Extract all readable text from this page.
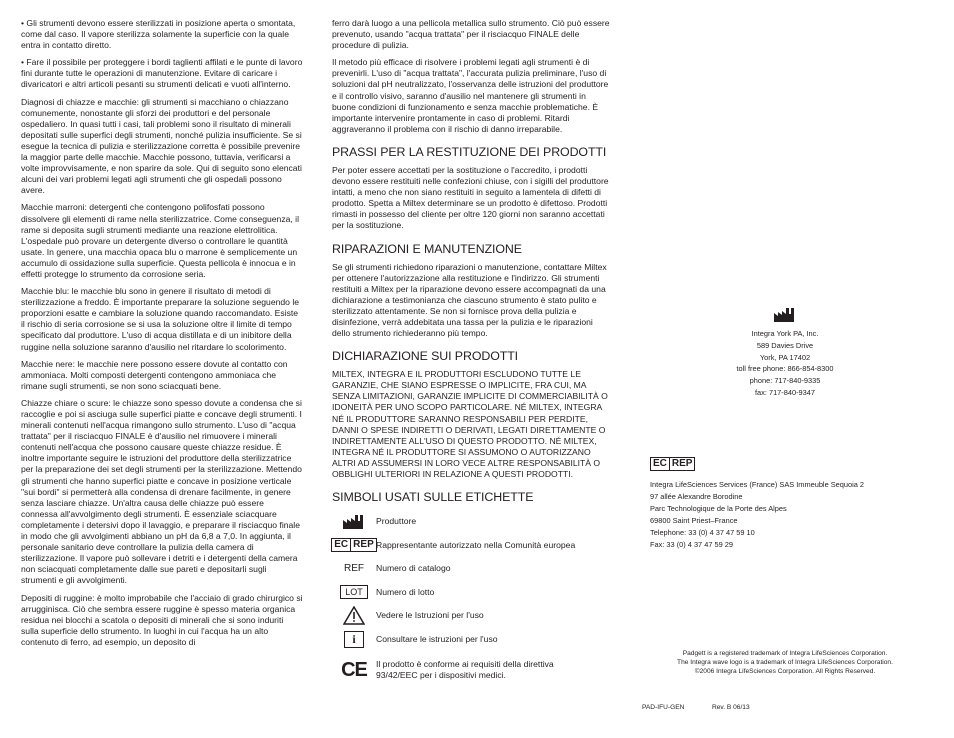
• Gli strumenti devono essere sterilizzati in posizione aperta o smontata, come dal caso. Il vapore sterilizza solamente la superficie con la quale entra in contatto diretto.

• Fare il possibile per proteggere i bordi taglienti affilati e le punte di lavoro fini durante tutte le operazioni di manutenzione. Evitare di caricare i divaricatori e altri articoli pesanti su strumenti delicati e vuoti all'interno.

Diagnosi di chiazze e macchie: gli strumenti si macchiano o chiazzano comunemente, nonostante gli sforzi dei produttori e del personale ospedaliero. In quasi tutti i casi, tali problemi sono il risultato di minerali depositati sulle superfici degli strumenti, nonché pulizia insufficiente. Se si esegue la tecnica di pulizia e sterilizzazione corretta è possibile prevenire la maggior parte delle macchie. Macchie possono, tuttavia, verificarsi a volte improvvisamente, e non sparire da sole. Qui di seguito sono elencati alcuni dei vari problemi legati agli strumenti che gli ospedali possono avere.

Macchie marroni: detergenti che contengono polifosfati possono dissolvere gli elementi di rame nella sterilizzatrice. Come conseguenza, il rame si deposita sugli strumenti mediante una reazione elettrolitica. L'ospedale può provare un detergente diverso o controllare le quantità usate. In genere, una macchia opaca blu o marrone è semplicemente un accumulo di ossidazione sulla superficie. Questa pellicola è innocua e in effetti protegge lo strumento da corrosione seria.

Macchie blu: le macchie blu sono in genere il risultato di metodi di sterilizzazione a freddo. È importante preparare la soluzione seguendo le proporzioni esatte e cambiare la soluzione quando raccomandato. Esiste il rischio di seria corrosione se si usa la soluzione oltre il limite di tempo specificato dal produttore. L'uso di acqua distillata e di un inibitore della ruggine nella soluzione saranno d'ausilio nel ritardare lo scolorimento.

Macchie nere: le macchie nere possono essere dovute al contatto con ammoniaca. Molti composti detergenti contengono ammoniaca che rimane sugli strumenti, se non sono sciacquati bene.

Chiazze chiare o scure: le chiazze sono spesso dovute a condensa che si raccoglie e poi si asciuga sulle superfici piatte e concave degli strumenti. I minerali contenuti nell'acqua rimangono sullo strumento. L'uso di "acqua trattata" per il risciacquo FINALE è d'ausilio nel rimuovere i minerali contenuti nell'acqua che possono causare queste chiazze residue. È inoltre importante seguire le istruzioni del produttore della sterilizzatrice per la preparazione dei set degli strumenti per la sterilizzazione. Mettendo gli strumenti che hanno superfici piatte e concave in posizione verticale "sui bordi" si permetterà alla condensa di drenare facilmente, in genere senza lasciare chiazze. Un'altra causa delle chiazze può essere connessa all'avvolgimento degli strumenti. È essenziale sciacquare completamente i detersivi dopo il lavaggio, e preparare il risciacquo finale in modo che gli avvolgimenti abbiano un pH da 6,8 a 7,0. In aggiunta, il personale sanitario deve controllare la pulizia della camera di sterilizzazione. Il vapore può sollevare i detriti e i detergenti della camera non sciacquati completamente dalle sue pareti e depositarli sugli strumenti e gli avvolgimenti.

Depositi di ruggine: è molto improbabile che l'acciaio di grado chirurgico si arrugginisca. Ciò che sembra essere ruggine è spesso materia organica residua nei blocchi a scatola o depositi di minerali che si sono induriti sulla superficie dello strumento. In luoghi in cui l'acqua ha un alto contenuto di ferro, ad esempio, un deposito di

ferro darà luogo a una pellicola metallica sullo strumento. Ciò può essere prevenuto, usando "acqua trattata" per il risciacquo FINALE delle procedure di pulizia.

Il metodo più efficace di risolvere i problemi legati agli strumenti è di prevenirli. L'uso di "acqua trattata", l'accurata pulizia preliminare, l'uso di soluzioni dal pH neutralizzato, l'osservanza delle istruzioni del produttore e il controllo visivo, saranno d'ausilio nel mantenere gli strumenti in buone condizioni di funzionamento e senza macchie problematiche. È importante intervenire prontamente in caso di problemi. Ritardi aggraveranno il problema con il rischio di danno irreparabile.

PRASSI PER LA RESTITUZIONE DEI PRODOTTI

Per poter essere accettati per la sostituzione o l'accredito, i prodotti devono essere restituiti nelle confezioni chiuse, con i sigilli del produttore intatti, a meno che non siano restituiti in seguito a lamentela di difetti di prodotto. Spetta a Miltex determinare se un prodotto è difettoso. Prodotti rimasti in possesso del cliente per oltre 120 giorni non saranno accettati per la sostituzione.

RIPARAZIONI E MANUTENZIONE

Se gli strumenti richiedono riparazioni o manutenzione, contattare Miltex per ottenere l'autorizzazione alla restituzione e l'indirizzo. Gli strumenti restituiti a Miltex per la riparazione devono essere accompagnati da una dichiarazione a testimonianza che ciascuno strumento è stato pulito e sterilizzato attentamente. Se non si fornisce prova della pulizia e disinfezione, verrà addebitata una tassa per la pulizia e le riparazioni dello strumento richiederanno più tempo.

DICHIARAZIONE SUI PRODOTTI

MILTEX, INTEGRA E IL PRODUTTORI ESCLUDONO TUTTE LE GARANZIE, CHE SIANO ESPRESSE O IMPLICITE, FRA CUI, MA SENZA LIMITAZIONI, GARANZIE IMPLICITE DI COMMERCIABILITÀ O IDONEITÀ PER UNO SCOPO PARTICOLARE. NÉ MILTEX, INTEGRA NÉ IL PRODUTTORE SARANNO RESPONSABILI PER PERDITE, DANNI O SPESE INDIRETTI O DERIVATI, LEGATI DIRETTAMENTE O INDIRETTAMENTE ALL'USO DI QUESTO PRODOTTO. NÉ MILTEX, INTEGRA NÉ IL PRODUTTORE SI ASSUMONO O AUTORIZZANO ALTRI AD ASSUMERSI IN LORO VECE ALTRE RESPONSABILITÀ O OBBLIGHI ULTERIORI IN RELAZIONE A QUESTI PRODOTTI.

SIMBOLI USATI SULLE ETICHETTE
Produttore
EC REP Rappresentante autorizzato nella Comunità europea
REF Numero di catalogo
LOT	Numero di lotto
Vedere le Istruzioni per l'uso
i	Consultare le istruzioni per l'uso
CE Il prodotto è conforme ai requisiti della direttiva 93/42/EEC per i dispositivi medici.
Integra York PA, Inc.
589 Davies Drive
York, PA 17402
toll free phone: 866-854-8300
phone: 717-840-9335
fax: 717-840-9347
EC REP
Integra LifeSciences Services (France) SAS Immeuble Sequoia 2
97 allée Alexandre Borodine
Parc Technologique de la Porte des Alpes
69800 Saint Priest–France
Telephone: 33 (0) 4 37 47 59 10
Fax: 33 (0) 4 37 47 59 29
Padgett is a registered trademark of Integra LifeSciences Corporation.
The Integra wave logo is a trademark of Integra LifeSciences Corporation.
©2006 Integra LifeSciences Corporation. All Rights Reserved.
PAD-IFU-GEN	Rev. B 06/13
